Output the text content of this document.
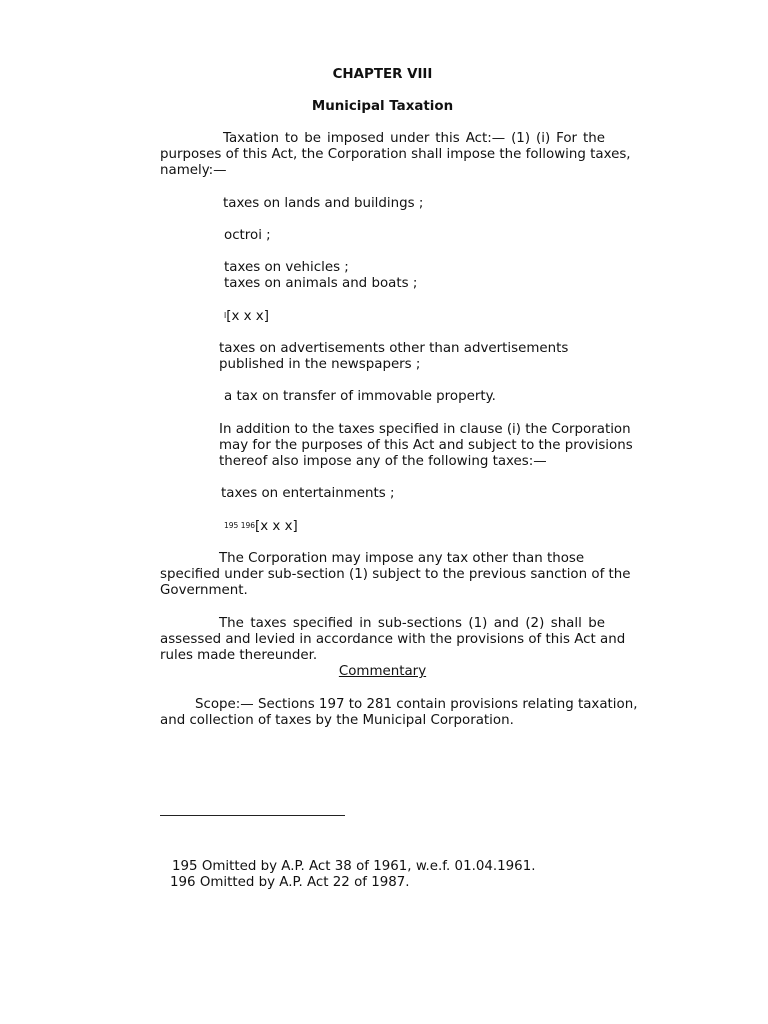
CHAPTER VIII
Municipal Taxation
Taxation to be imposed under this Act:— (1) (i) For the
purposes of this Act, the Corporation shall impose the following taxes,
namely:—
taxes on lands and buildings ;
octroi ;
taxes on vehicles ;
taxes on animals and boats ;
$^I$[x x x]
taxes on advertisements other than advertisements
published in the newspapers ;
a tax on transfer of immovable property.
In addition to the taxes specified in clause (i) the Corporation
may for the purposes of this Act and subject to the provisions
thereof also impose any of the following taxes:—
taxes on entertainments ;
$^{195 196}$[x x x]
The Corporation may impose any tax other than those
specified under sub-section (1) subject to the previous sanction of the
Government.
The taxes specified in sub-sections (1) and (2) shall be
assessed and levied in accordance with the provisions of this Act and
rules made thereunder.
Commentary
Scope:— Sections 197 to 281 contain provisions relating taxation,
and collection of taxes by the Municipal Corporation.
195 Omitted by A.P. Act 38 of 1961, w.e.f. 01.04.1961.
196 Omitted by A.P. Act 22 of 1987.
